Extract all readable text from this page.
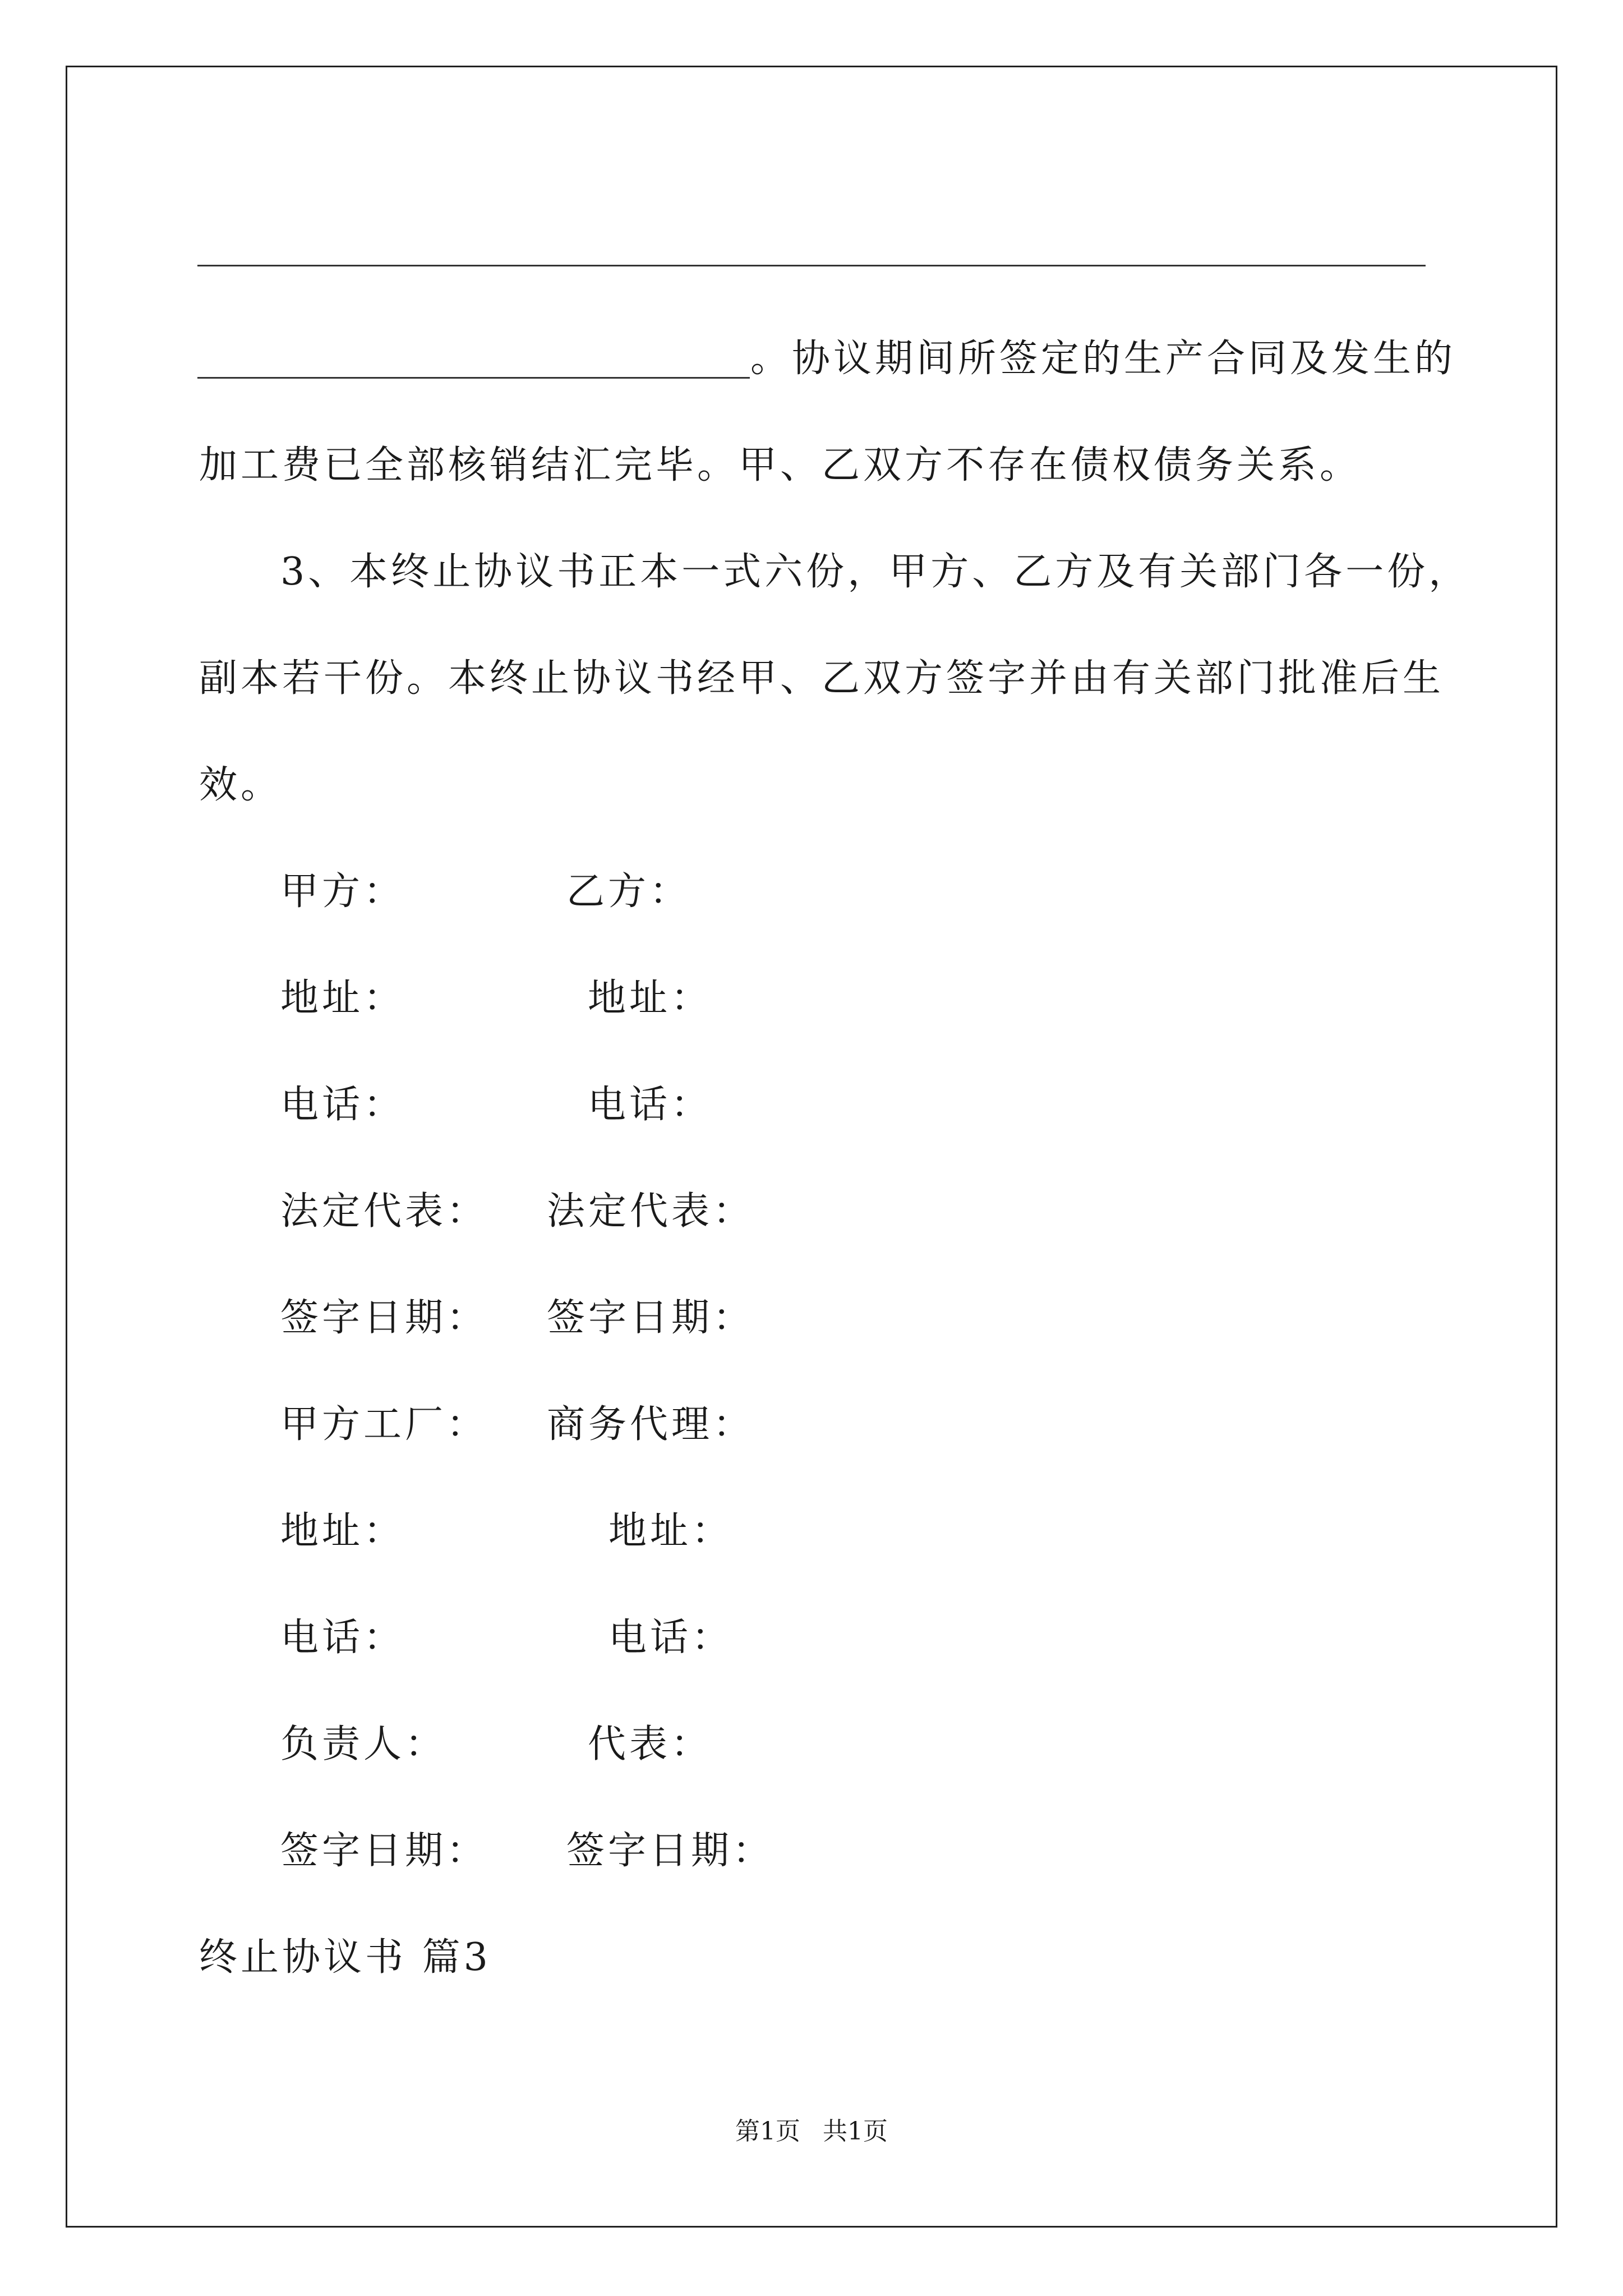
。协议期间所签定的生产合同及发生的
加工费已全部核销结汇完毕。甲、乙双方不存在债权债务关系。
3、本终止协议书正本一式六份，甲方、乙方及有关部门各一份，
副本若干份。本终止协议书经甲、乙双方签字并由有关部门批准后生
效。
甲方：	乙方：
地址：	地址：
电话：	电话：
法定代表： 法定代表：
签字日期： 签字日期：
甲方工厂： 商务代理：
地址：	地址：
电话：	电话：
负责人：	代表：
签字日期： 签字日期：
终止协议书 篇3
第1页 共1页
